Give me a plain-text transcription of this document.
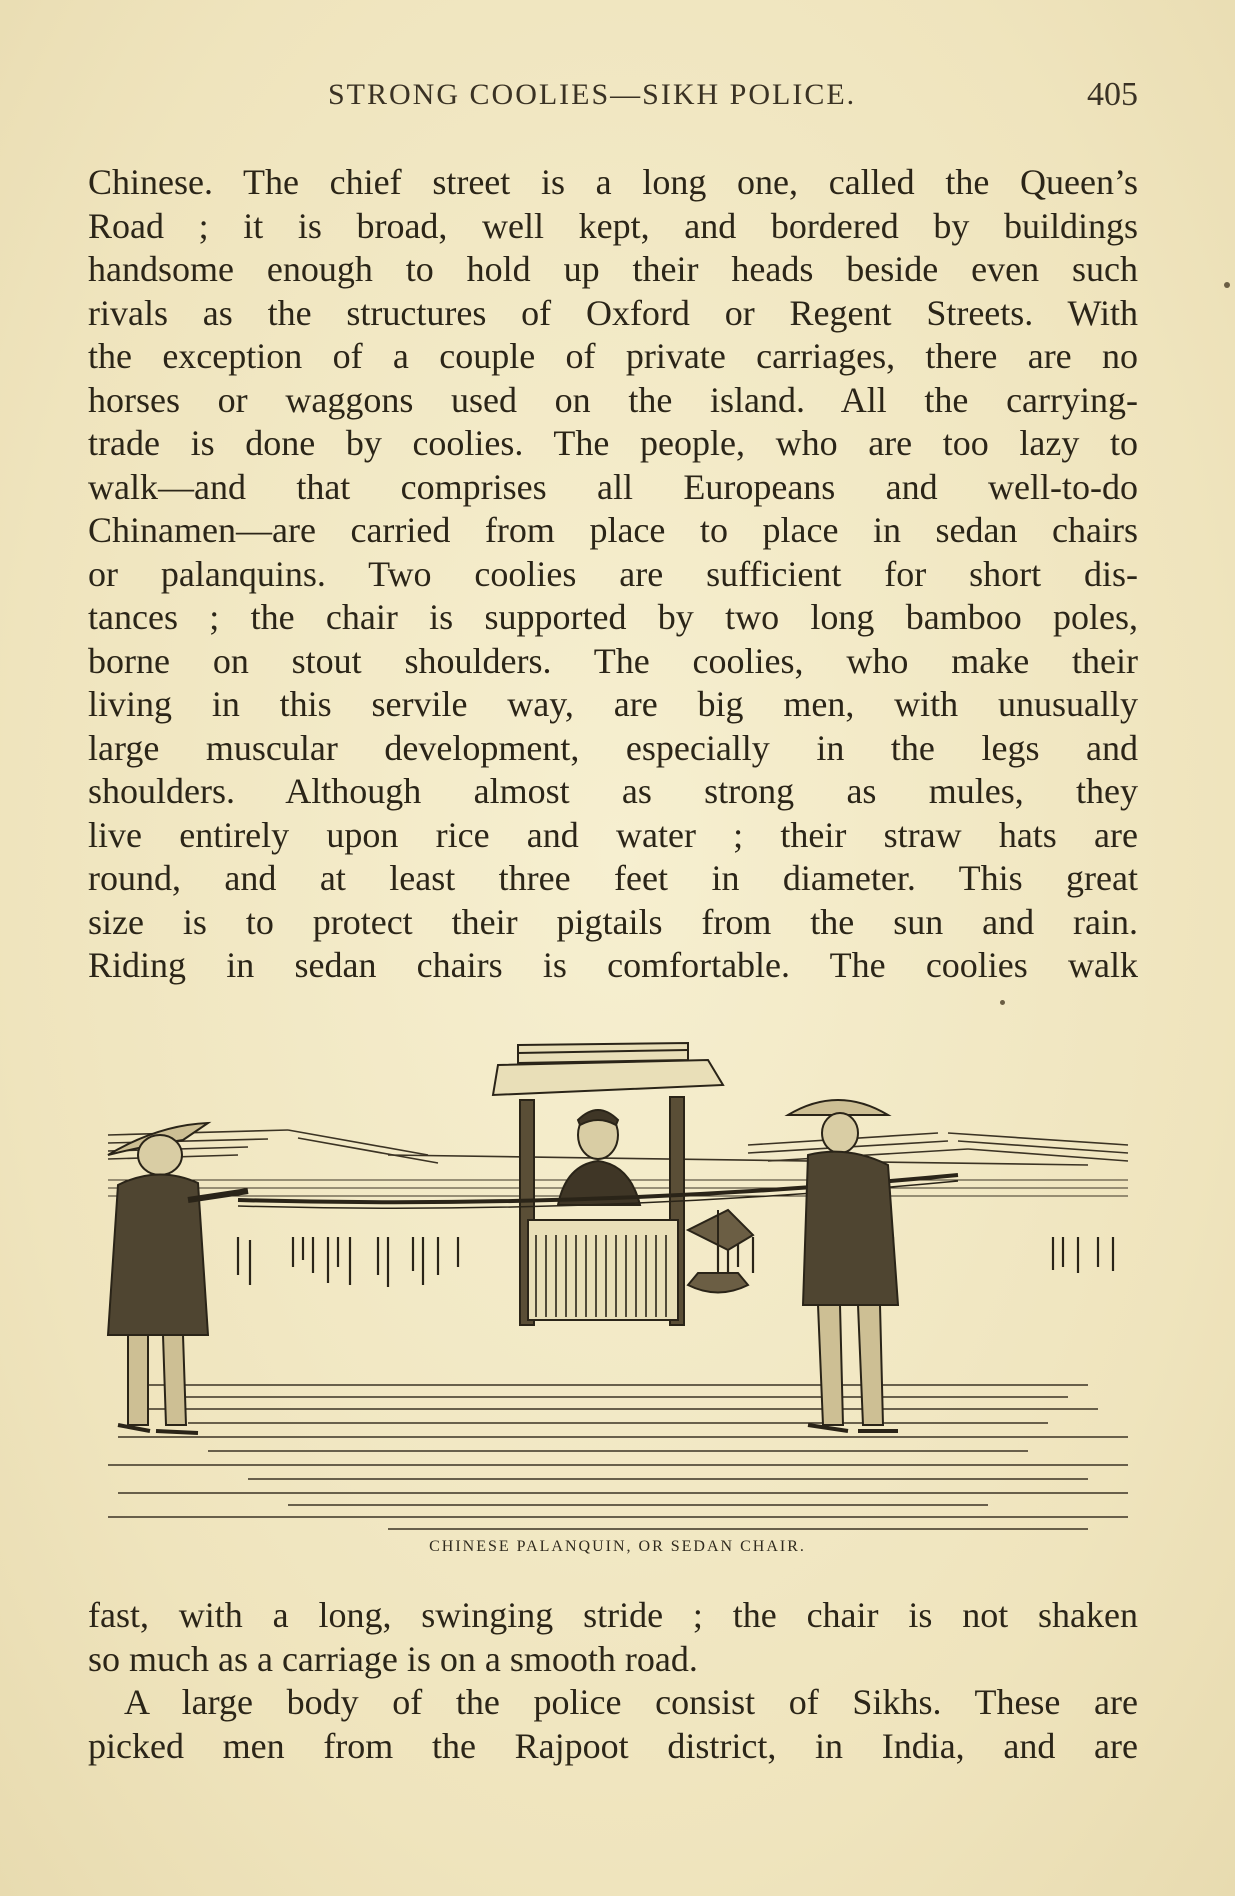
STRONG COOLIES—SIKH POLICE.	405
Chinese. The chief street is a long one, called the Queen’s
Road ; it is broad, well kept, and bordered by buildings
handsome enough to hold up their heads beside even such
rivals as the structures of Oxford or Regent Streets. With
the exception of a couple of private carriages, there are no
horses or waggons used on the island. All the carrying-
trade is done by coolies. The people, who are too lazy to
walk—and that comprises all Europeans and well-to-do
Chinamen—are carried from place to place in sedan chairs
or palanquins. Two coolies are sufficient for short dis-
tances ; the chair is supported by two long bamboo poles,
borne on stout shoulders. The coolies, who make their
living in this servile way, are big men, with unusually
large muscular development, especially in the legs and
shoulders. Although almost as strong as mules, they
live entirely upon rice and water ; their straw hats are
round, and at least three feet in diameter. This great
size is to protect their pigtails from the sun and rain.
Riding in sedan chairs is comfortable. The coolies walk
CHINESE PALANQUIN, OR SEDAN CHAIR.
fast, with a long, swinging stride ; the chair is not shaken
so much as a carriage is on a smooth road.
A large body of the police consist of Sikhs. These are
picked men from the Rajpoot district, in India, and are
